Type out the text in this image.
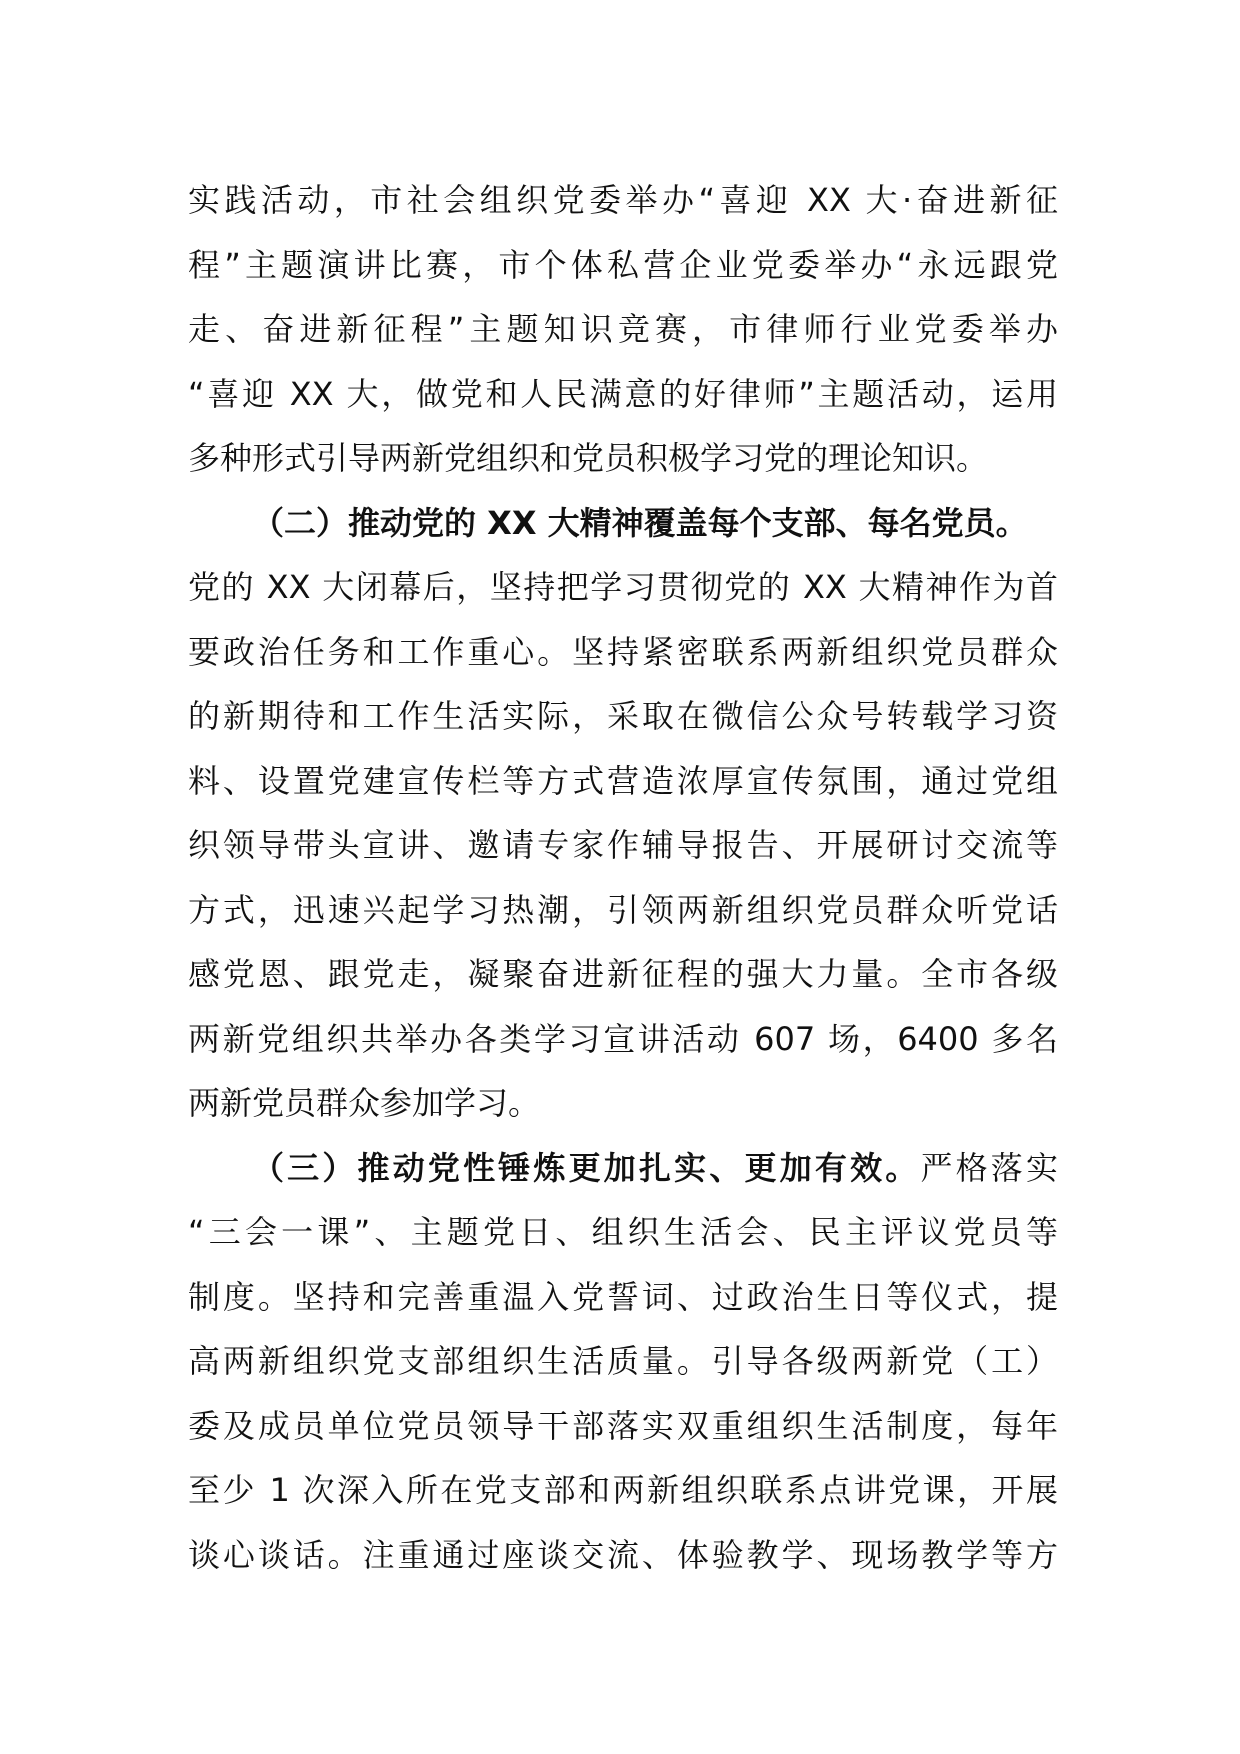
实践活动，市社会组织党委举办“喜迎 XX 大·奋进新征
程”主题演讲比赛，市个体私营企业党委举办“永远跟党
走、奋进新征程”主题知识竞赛，市律师行业党委举办
“喜迎 XX 大，做党和人民满意的好律师”主题活动，运用
多种形式引导两新党组织和党员积极学习党的理论知识。
（二）推动党的 XX 大精神覆盖每个支部、每名党员。
党的 XX 大闭幕后，坚持把学习贯彻党的 XX 大精神作为首
要政治任务和工作重心。坚持紧密联系两新组织党员群众
的新期待和工作生活实际，采取在微信公众号转载学习资
料、设置党建宣传栏等方式营造浓厚宣传氛围，通过党组
织领导带头宣讲、邀请专家作辅导报告、开展研讨交流等
方式，迅速兴起学习热潮，引领两新组织党员群众听党话
感党恩、跟党走，凝聚奋进新征程的强大力量。全市各级
两新党组织共举办各类学习宣讲活动 607 场，6400 多名
两新党员群众参加学习。
（三）推动党性锤炼更加扎实、更加有效。严格落实
“三会一课”、主题党日、组织生活会、民主评议党员等
制度。坚持和完善重温入党誓词、过政治生日等仪式，提
高两新组织党支部组织生活质量。引导各级两新党（工）
委及成员单位党员领导干部落实双重组织生活制度，每年
至少 1 次深入所在党支部和两新组织联系点讲党课，开展
谈心谈话。注重通过座谈交流、体验教学、现场教学等方
